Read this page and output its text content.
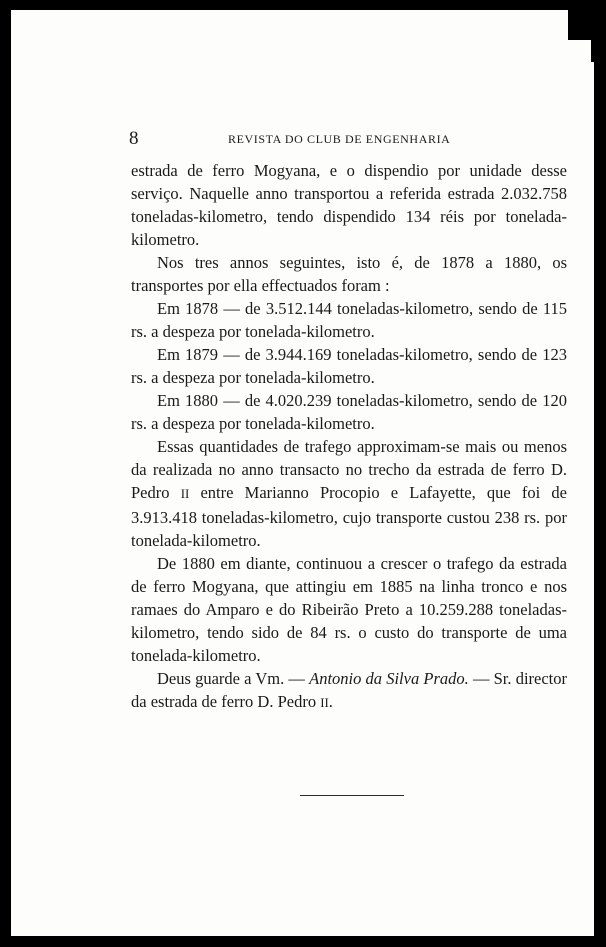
8	REVISTA DO CLUB DE ENGENHARIA

estrada de ferro Mogyana, e o dispendio por unidade desse serviço. Naquelle anno transportou a referida estrada 2.032.758 toneladas-kilometro, tendo dispendido 134 réis por tonelada-kilometro.

Nos tres annos seguintes, isto é, de 1878 a 1880, os transportes por ella effectuados foram :

Em 1878 — de 3.512.144 toneladas-kilometro, sendo de 115 rs. a despeza por tonelada-kilometro.

Em 1879 — de 3.944.169 toneladas-kilometro, sendo de 123 rs. a despeza por tonelada-kilometro.

Em 1880 — de 4.020.239 toneladas-kilometro, sendo de 120 rs. a despeza por tonelada-kilometro.

Essas quantidades de trafego approximam-se mais ou menos da realizada no anno transacto no trecho da estrada de ferro D. Pedro II entre Marianno Procopio e Lafayette, que foi de 3.913.418 toneladas-kilometro, cujo transporte custou 238 rs. por tonelada-kilometro.

De 1880 em diante, continuou a crescer o trafego da estrada de ferro Mogyana, que attingiu em 1885 na linha tronco e nos ramaes do Amparo e do Ribeirão Preto a 10.259.288 toneladas-kilometro, tendo sido de 84 rs. o custo do transporte de uma tonelada-kilometro.

Deus guarde a Vm. — Antonio da Silva Prado. — Sr. director da estrada de ferro D. Pedro II.
